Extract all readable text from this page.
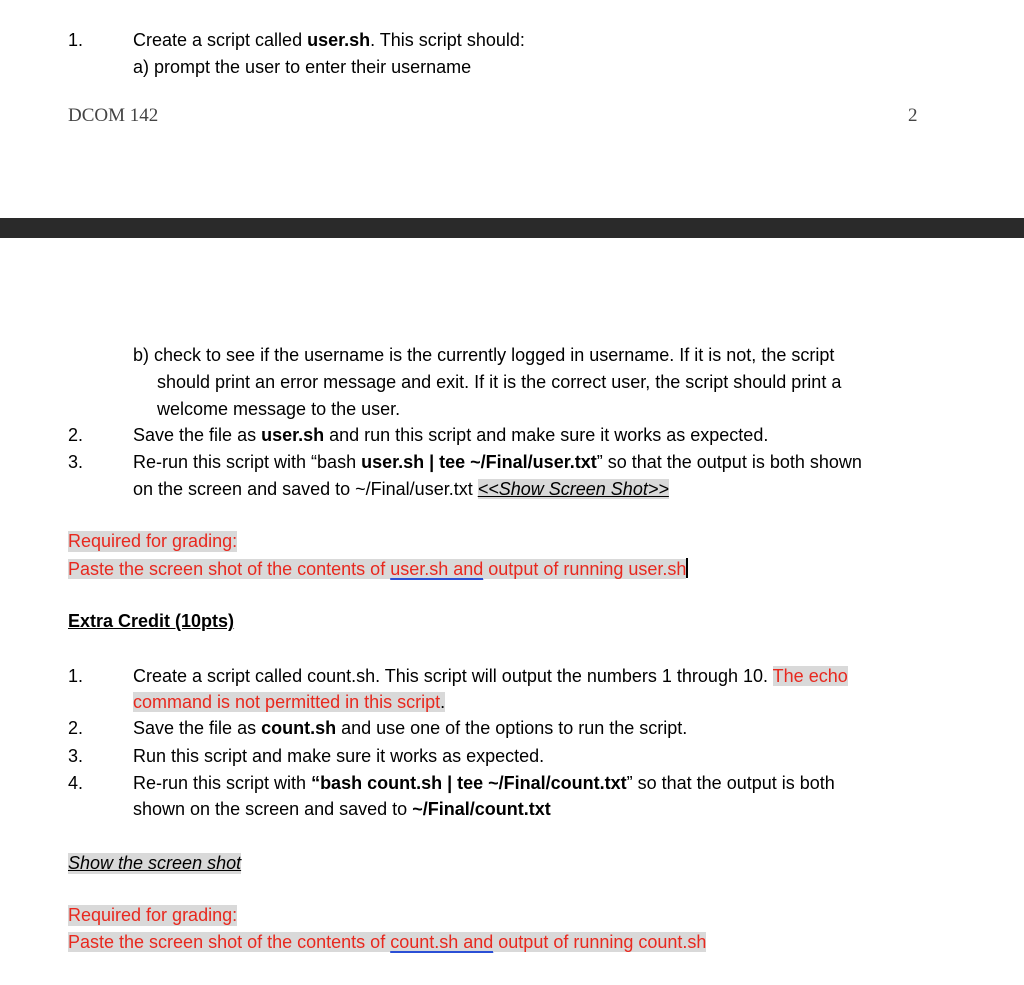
1.	Create a script called user.sh. This script should:
a) prompt the user to enter their username
DCOM 142	2
b) check to see if the username is the currently logged in username. If it is not, the script
should print an error message and exit. If it is the correct user, the script should print a
welcome message to the user.
2.	Save the file as user.sh and run this script and make sure it works as expected.
3.	Re-run this script with “bash user.sh | tee ~/Final/user.txt” so that the output is both shown
on the screen and saved to ~/Final/user.txt <<Show Screen Shot>>
Required for grading:
Paste the screen shot of the contents of user.sh and output of running user.sh
Extra Credit (10pts)
1.	Create a script called count.sh. This script will output the numbers 1 through 10. The echo
command is not permitted in this script.
2.	Save the file as count.sh and use one of the options to run the script.
3.	Run this script and make sure it works as expected.
4.	Re-run this script with “bash count.sh | tee ~/Final/count.txt” so that the output is both
shown on the screen and saved to ~/Final/count.txt
Show the screen shot
Required for grading:
Paste the screen shot of the contents of count.sh and output of running count.sh
